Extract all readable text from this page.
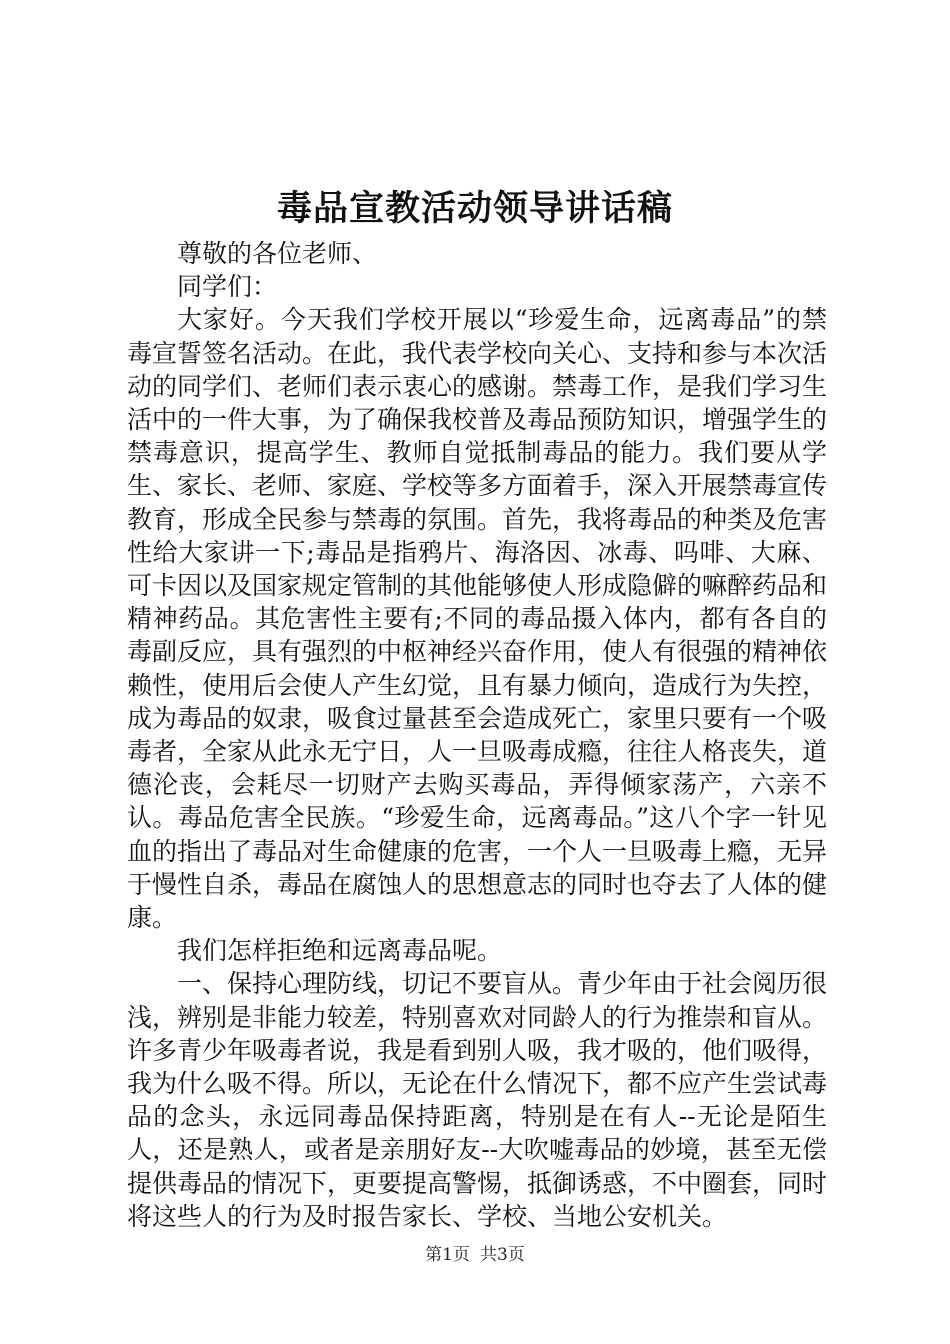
毒品宣教活动领导讲话稿

尊敬的各位老师、

同学们：

大家好。今天我们学校开展以“珍爱生命，远离毒品”的禁毒宣誓签名活动。在此，我代表学校向关心、支持和参与本次活动的同学们、老师们表示衷心的感谢。禁毒工作，是我们学习生活中的一件大事，为了确保我校普及毒品预防知识，增强学生的禁毒意识，提高学生、教师自觉抵制毒品的能力。我们要从学生、家长、老师、家庭、学校等多方面着手，深入开展禁毒宣传教育，形成全民参与禁毒的氛围。首先，我将毒品的种类及危害性给大家讲一下;毒品是指鸦片、海洛因、冰毒、吗啡、大麻、可卡因以及国家规定管制的其他能够使人形成隐僻的嘛醉药品和精神药品。其危害性主要有;不同的毒品摄入体内，都有各自的毒副反应，具有强烈的中枢神经兴奋作用，使人有很强的精神依赖性，使用后会使人产生幻觉，且有暴力倾向，造成行为失控，成为毒品的奴隶，吸食过量甚至会造成死亡，家里只要有一个吸毒者，全家从此永无宁日，人一旦吸毒成瘾，往往人格丧失，道德沦丧，会耗尽一切财产去购买毒品，弄得倾家荡产，六亲不认。毒品危害全民族。“珍爱生命，远离毒品。”这八个字一针见血的指出了毒品对生命健康的危害，一个人一旦吸毒上瘾，无异于慢性自杀，毒品在腐蚀人的思想意志的同时也夺去了人体的健康。

我们怎样拒绝和远离毒品呢。

一、保持心理防线，切记不要盲从。青少年由于社会阅历很浅，辨别是非能力较差，特别喜欢对同龄人的行为推崇和盲从。许多青少年吸毒者说，我是看到别人吸，我才吸的，他们吸得，我为什么吸不得。所以，无论在什么情况下，都不应产生尝试毒品的念头，永远同毒品保持距离，特别是在有人--无论是陌生人，还是熟人，或者是亲朋好友--大吹嘘毒品的妙境，甚至无偿提供毒品的情况下，更要提高警惕，抵御诱惑，不中圈套，同时将这些人的行为及时报告家长、学校、当地公安机关。

第1页 共3页
